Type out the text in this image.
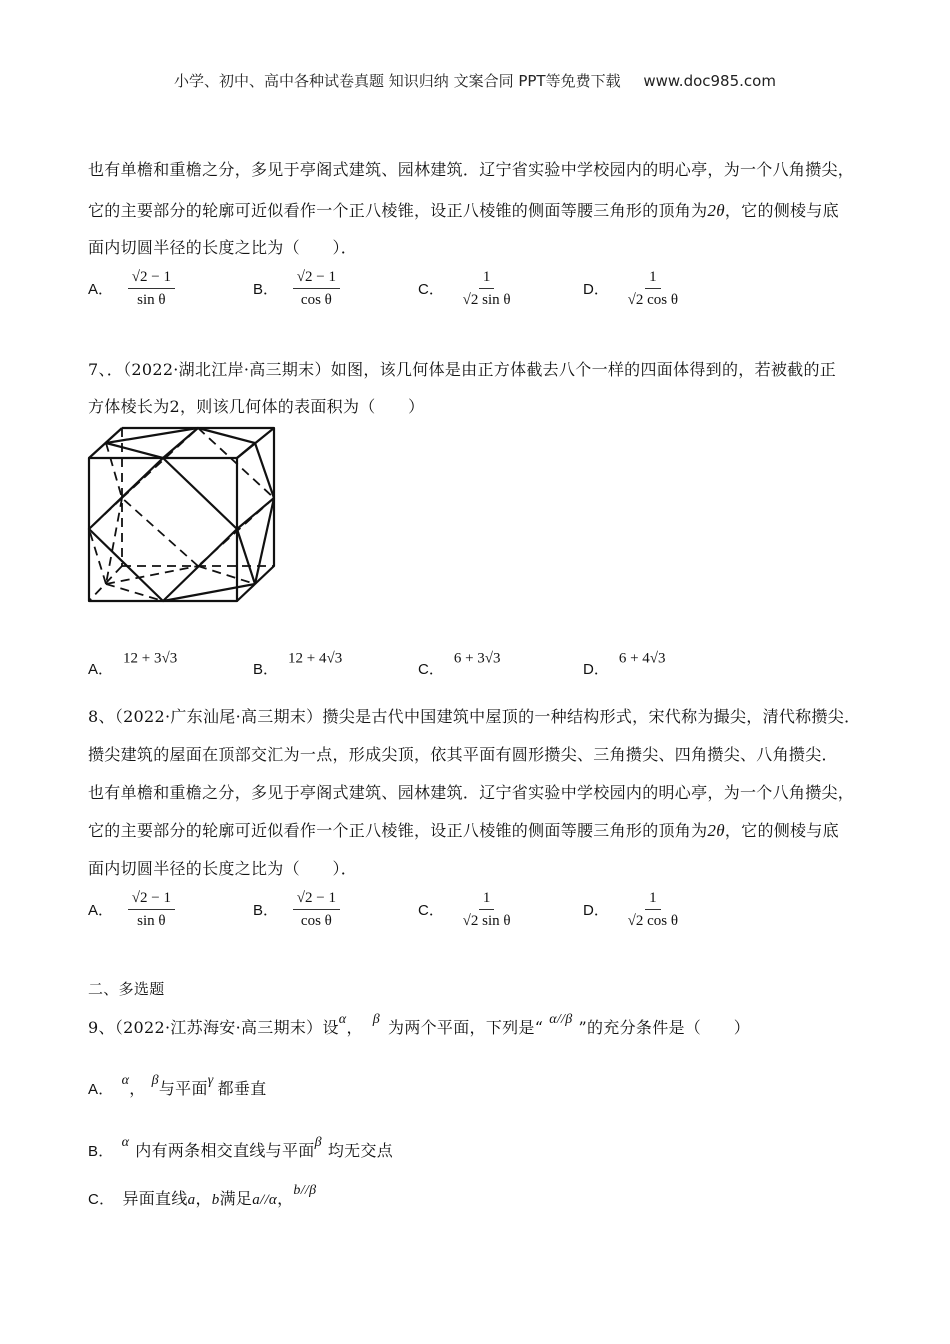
小学、初中、高中各种试卷真题 知识归纳 文案合同 PPT等免费下载 www.doc985.com
也有单檐和重檐之分，多见于亭阁式建筑、园林建筑．辽宁省实验中学校园内的明心亭，为一个八角攒尖，
它的主要部分的轮廓可近似看作一个正八棱锥，设正八棱锥的侧面等腰三角形的顶角为2θ，它的侧棱与底
面内切圆半径的长度之比为（　　）．
A． $\frac{√2 - 1}{\text{sin θ}}$	B． $\frac{√2 - 1}{\text{cos θ}}$	C． $\frac{1}{\text{√2 sin θ}}$	D． $\frac{1}{\text{√2 cos θ}}$
7、．（2022·湖北江岸·高三期末）如图，该几何体是由正方体截去八个一样的四面体得到的，若被截的正
方体棱长为2，则该几何体的表面积为（　　）
A．12 + 3√3
B．12 + 4√3
C．6 + 3√3
D．6 + 4√3
8、（2022·广东汕尾·高三期末）攒尖是古代中国建筑中屋顶的一种结构形式，宋代称为撮尖，清代称攒尖．
攒尖建筑的屋面在顶部交汇为一点，形成尖顶，依其平面有圆形攒尖、三角攒尖、四角攒尖、八角攒尖．
也有单檐和重檐之分，多见于亭阁式建筑、园林建筑．辽宁省实验中学校园内的明心亭，为一个八角攒尖，
它的主要部分的轮廓可近似看作一个正八棱锥，设正八棱锥的侧面等腰三角形的顶角为2θ，它的侧棱与底
面内切圆半径的长度之比为（　　）．
A． $\frac{√2 - 1}{\text{sin θ}}$	B． $\frac{√2 - 1}{\text{cos θ}}$	C． $\frac{1}{\text{√2 sin θ}}$	D． $\frac{1}{\text{√2 cos θ}}$
二、多选题
9、（2022·江苏海安·高三期末）设α， β 为两个平面，下列是“ α//β ”的充分条件是（　　）
A．α， β与平面γ 都垂直
B．α 内有两条相交直线与平面β 均无交点
C． 异面直线a，b满足a//α，b//β
